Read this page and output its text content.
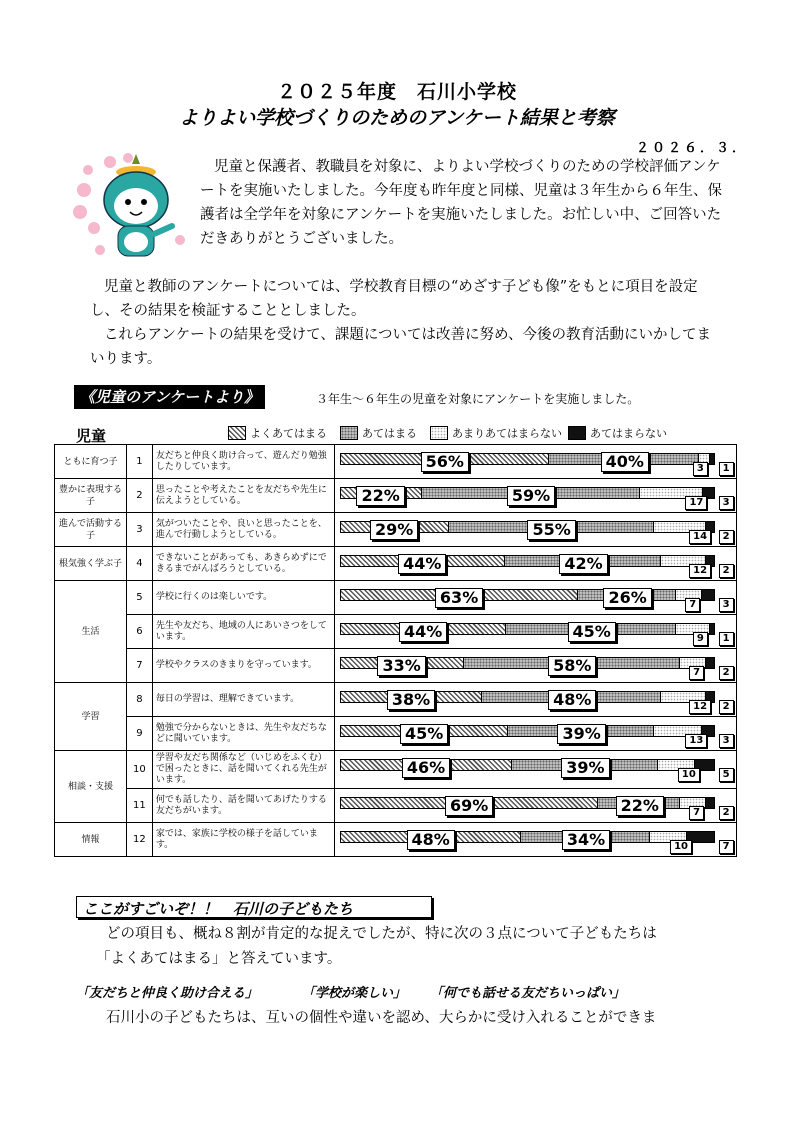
２０２５年度　石川小学校
よりよい学校づくりのためのアンケート結果と考察
２０２６．３．
児童と保護者、教職員を対象に、よりよい学校づくりのための学校評価アンケートを実施いたしました。今年度も昨年度と同様、児童は３年生から６年生、保護者は全学年を対象にアンケートを実施いたしました。お忙しい中、ご回答いただきありがとうございました。
児童と教師のアンケートについては、学校教育目標の“めざす子ども像”をもとに項目を設定し、その結果を検証することとしました。
これらアンケートの結果を受けて、課題については改善に努め、今後の教育活動にいかしてまいります。
《児童のアンケートより》	３年生～６年生の児童を対象にアンケートを実施しました。
児童	よくあてはまる	あてはまる	あまりあてはまらない	あてはまらない
ともに育つ子	1	友だちと仲良く助け合って、遊んだり勉強したりしています。	56% 40% 3 1

豊かに表現する子	2	思ったことや考えたことを友だちや先生に伝えようとしている。	22% 59% 17 3

進んで活動する子	3	気がついたことや、良いと思ったことを、進んで行動しようとしている。	29% 55% 14 2

根気強く学ぶ子	4	できないことがあっても、あきらめずにできるまでがんばろうとしている。	44% 42% 12 2

生活	5	学校に行くのは楽しいです。	63% 26% 7 3

	6	先生や友だち、地域の人にあいさつをしています。	44% 45% 9 1

	7	学校やクラスのきまりを守っています。	33% 58% 7 2

学習	8	毎日の学習は、理解できています。	38% 48% 12 2

	9	勉強で分からないときは、先生や友だちなどに聞いています。	45% 39% 13 3

相談・支援	10	学習や友だち関係など（いじめをふくむ）で困ったときに、話を聞いてくれる先生がいます。	46% 39% 10 5

	11	何でも話したり、話を聞いてあげたりする友だちがいます。	69% 22% 7 2

情報	12	家では、家族に学校の様子を話しています。	48% 34% 10 7
ここがすごいぞ！！　石川の子どもたち
どの項目も、概ね８割が肯定的な捉えでしたが、特に次の３点について子どもたちは
「よくあてはまる」と答えています。
「友だちと仲良く助け合える」	「学校が楽しい」 「何でも話せる友だちいっぱい」
石川小の子どもたちは、互いの個性や違いを認め、大らかに受け入れることができま
